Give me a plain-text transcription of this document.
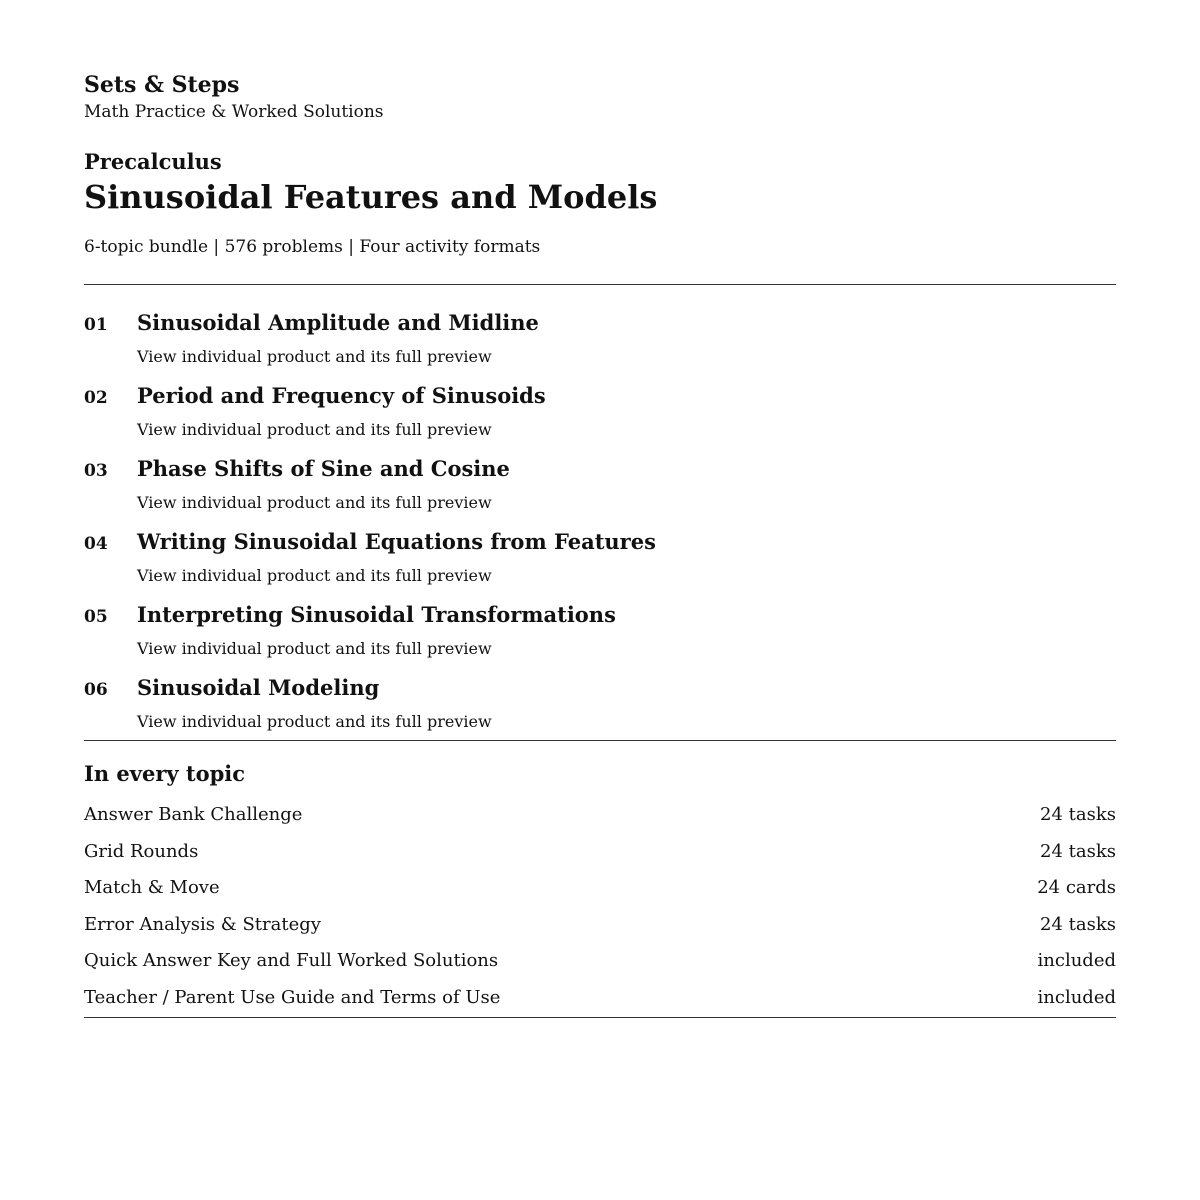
Sets & Steps

Math Practice & Worked Solutions

Precalculus

Sinusoidal Features and Models

6-topic bundle | 576 problems | Four activity formats

01	Sinusoidal Amplitude and Midline
View individual product and its full preview
02	Period and Frequency of Sinusoids
View individual product and its full preview
03	Phase Shifts of Sine and Cosine
View individual product and its full preview
04	Writing Sinusoidal Equations from Features
View individual product and its full preview
05	Interpreting Sinusoidal Transformations
View individual product and its full preview
06	Sinusoidal Modeling
View individual product and its full preview
In every topic
Answer Bank Challenge	24 tasks
Grid Rounds	24 tasks
Match & Move	24 cards
Error Analysis & Strategy	24 tasks
Quick Answer Key and Full Worked Solutions	included
Teacher / Parent Use Guide and Terms of Use	included
